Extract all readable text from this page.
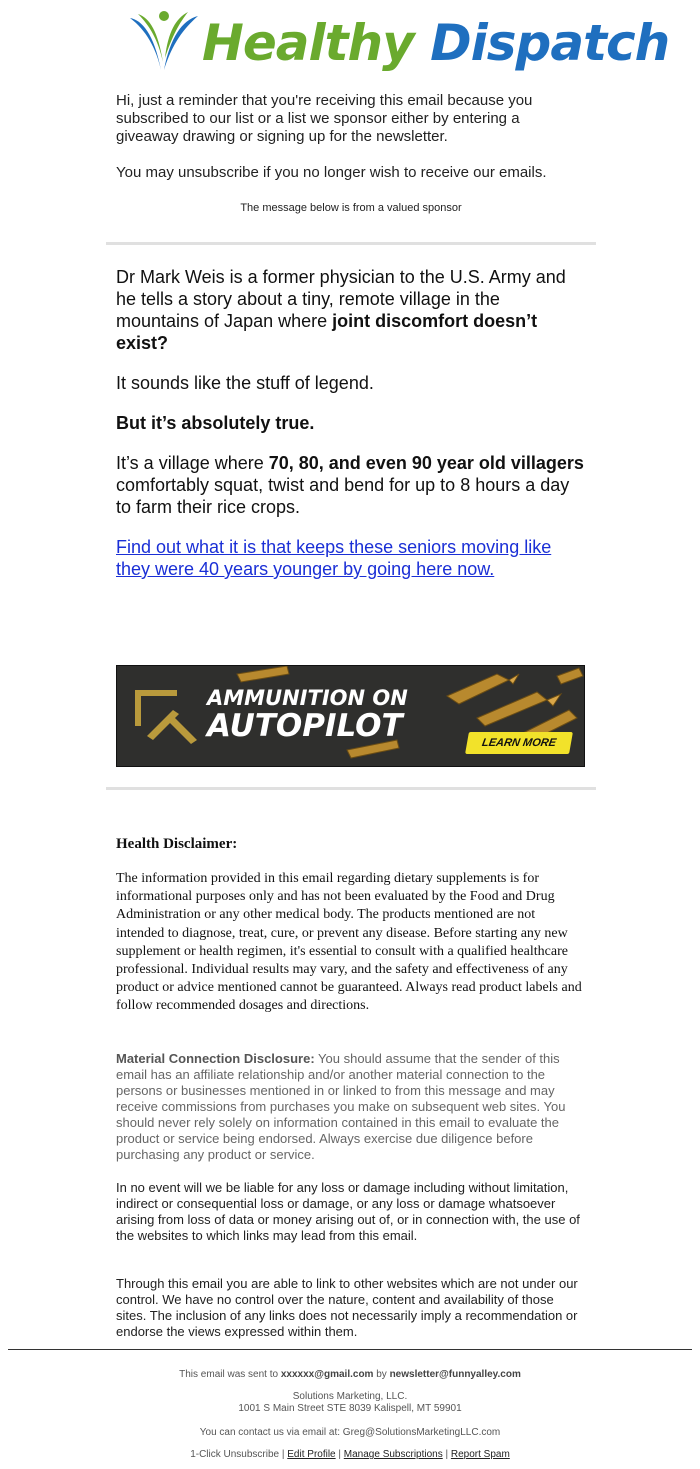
Healthy Dispatch

Hi, just a reminder that you're receiving this email because you subscribed to our list or a list we sponsor either by entering a giveaway drawing or signing up for the newsletter.

You may unsubscribe if you no longer wish to receive our emails.

The message below is from a valued sponsor

Dr Mark Weis is a former physician to the U.S. Army and he tells a story about a tiny, remote village in the mountains of Japan where joint discomfort doesn’t exist?

It sounds like the stuff of legend.

But it’s absolutely true.

It’s a village where 70, 80, and even 90 year old villagers comfortably squat, twist and bend for up to 8 hours a day to farm their rice crops.

Find out what it is that keeps these seniors moving like they were 40 years younger by going here now.

AMMUNITION ON
AUTOPILOT	LEARN MORE
Health Disclaimer:
The information provided in this email regarding dietary supplements is for informational purposes only and has not been evaluated by the Food and Drug Administration or any other medical body. The products mentioned are not intended to diagnose, treat, cure, or prevent any disease. Before starting any new supplement or health regimen, it's essential to consult with a qualified healthcare professional. Individual results may vary, and the safety and effectiveness of any product or advice mentioned cannot be guaranteed. Always read product labels and follow recommended dosages and directions.
Material Connection Disclosure: You should assume that the sender of this email has an affiliate relationship and/or another material connection to the persons or businesses mentioned in or linked to from this message and may receive commissions from purchases you make on subsequent web sites. You should never rely solely on information contained in this email to evaluate the product or service being endorsed. Always exercise due diligence before purchasing any product or service.
In no event will we be liable for any loss or damage including without limitation, indirect or consequential loss or damage, or any loss or damage whatsoever arising from loss of data or money arising out of, or in connection with, the use of the websites to which links may lead from this email.
Through this email you are able to link to other websites which are not under our control. We have no control over the nature, content and availability of those sites. The inclusion of any links does not necessarily imply a recommendation or endorse the views expressed within them.
This email was sent to xxxxxx@gmail.com by newsletter@funnyalley.com
Solutions Marketing, LLC.
1001 S Main Street STE 8039 Kalispell, MT 59901
You can contact us via email at: Greg@SolutionsMarketingLLC.com
1-Click Unsubscribe | Edit Profile | Manage Subscriptions | Report Spam
